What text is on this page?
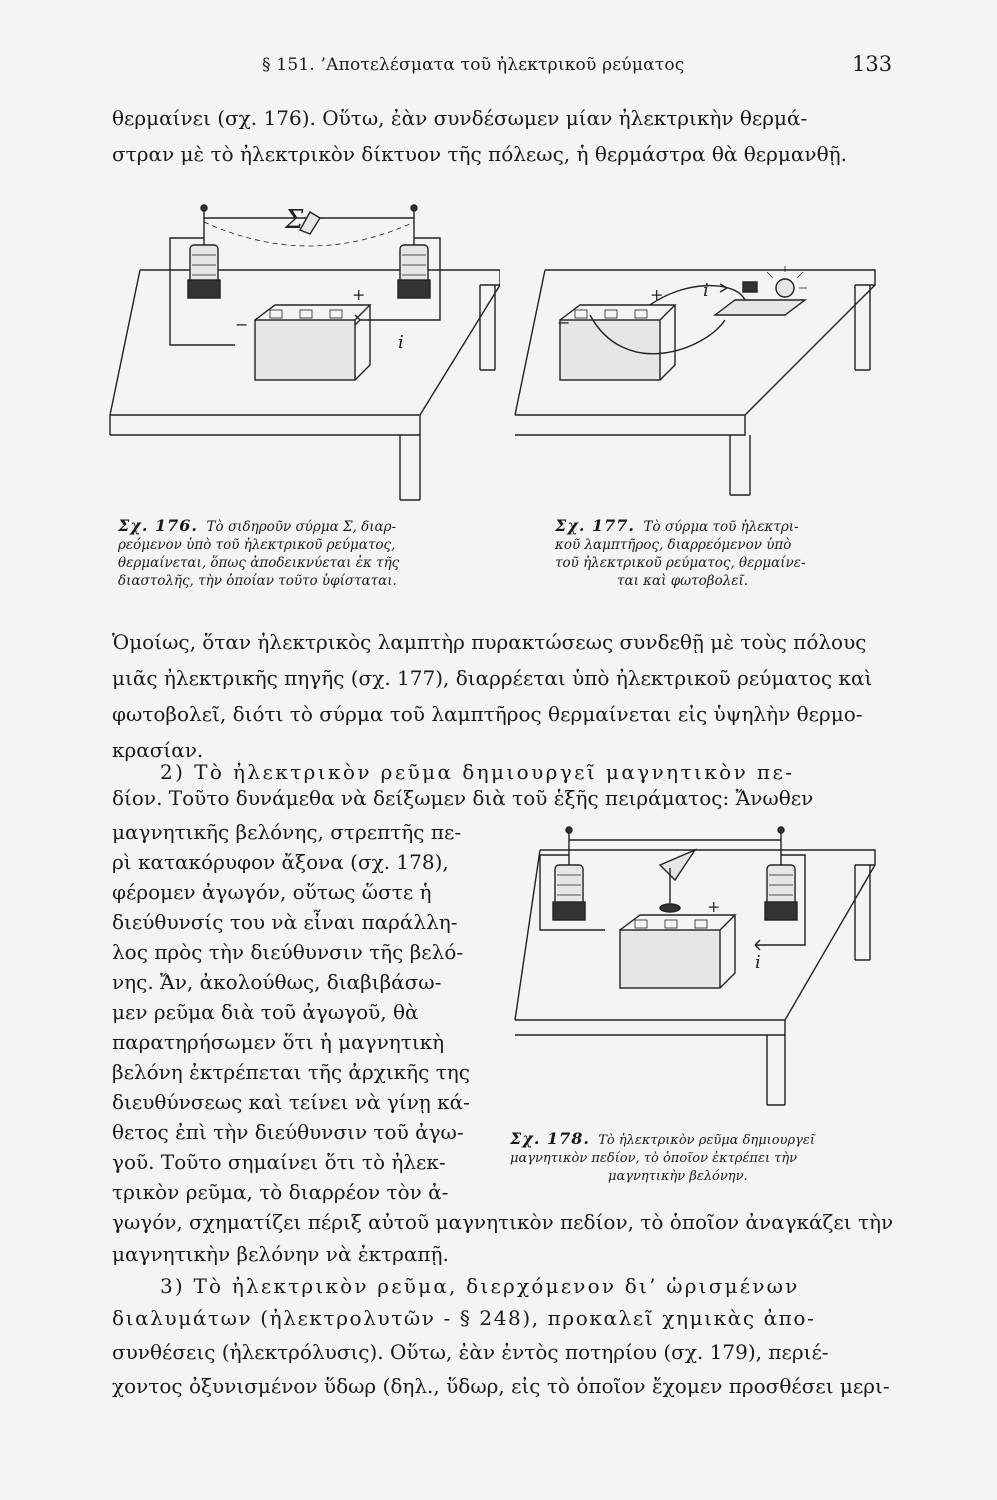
§ 151. ’Αποτελέσματα τοῦ ἠλεκτρικοῦ ρεύματος	133
θερμαίνει (σχ. 176). Οὕτω, ἐὰν συνδέσωμεν μίαν ἠλεκτρικὴν θερμά-
στραν μὲ τὸ ἠλεκτρικὸν δίκτυον τῆς πόλεως, ἡ θερμάστρα θὰ θερμανθῇ.
Σ
i
+
−
i
+
−
Σχ. 176. Τὸ σιδηροῦν σύρμα Σ, διαρ-
ρεόμενον ὑπὸ τοῦ ἠλεκτρικοῦ ρεύματος,
θερμαίνεται, ὅπως ἀποδεικνύεται ἐκ τῆς
διαστολῆς, τὴν ὁποίαν τοῦτο ὑφίσταται.
Σχ. 177. Τὸ σύρμα τοῦ ἠλεκτρι-
κοῦ λαμπτῆρος, διαρρεόμενον ὑπὸ
τοῦ ἠλεκτρικοῦ ρεύματος, θερμαίνε-
ται καὶ φωτοβολεῖ.
Ὁμοίως, ὅταν ἠλεκτρικὸς λαμπτὴρ πυρακτώσεως συνδεθῇ μὲ τοὺς πόλους
μιᾶς ἠλεκτρικῆς πηγῆς (σχ. 177), διαρρέεται ὑπὸ ἠλεκτρικοῦ ρεύματος καὶ
φωτοβολεῖ, διότι τὸ σύρμα τοῦ λαμπτῆρος θερμαίνεται εἰς ὑψηλὴν θερμο-
κρασίαν.
2) Τὸ ἠλεκτρικὸν ρεῦμα δημιουργεῖ μαγνητικὸν πε-
δίον. Τοῦτο δυνάμεθα νὰ δείξωμεν διὰ τοῦ ἑξῆς πειράματος: Ἄνωθεν
μαγνητικῆς βελόνης, στρεπτῆς πε-
ρὶ κατακόρυφον ἄξονα (σχ. 178),
φέρομεν ἀγωγόν, οὕτως ὥστε ἡ
διεύθυνσίς του νὰ εἶναι παράλλη-
λος πρὸς τὴν διεύθυνσιν τῆς βελό-
νης. Ἄν, ἀκολούθως, διαβιβάσω-
μεν ρεῦμα διὰ τοῦ ἀγωγοῦ, θὰ
παρατηρήσωμεν ὅτι ἡ μαγνητικὴ
βελόνη ἐκτρέπεται τῆς ἀρχικῆς της
διευθύνσεως καὶ τείνει νὰ γίνῃ κά-
θετος ἐπὶ τὴν διεύθυνσιν τοῦ ἀγω-
γοῦ. Τοῦτο σημαίνει ὅτι τὸ ἠλεκ-
τρικὸν ρεῦμα, τὸ διαρρέον τὸν ἀ-
i
+
Σχ. 178. Τὸ ἠλεκτρικὸν ρεῦμα δημιουργεῖ
μαγνητικὸν πεδίον, τὸ ὁποῖον ἐκτρέπει τὴν
μαγνητικὴν βελόνην.
γωγόν, σχηματίζει πέριξ αὐτοῦ μαγνητικὸν πεδίον, τὸ ὁποῖον ἀναγκάζει τὴν
μαγνητικὴν βελόνην νὰ ἐκτραπῇ.
3) Τὸ ἠλεκτρικὸν ρεῦμα, διερχόμενον δι’ ὡρισμένων
διαλυμάτων (ἠλεκτρολυτῶν - § 248), προκαλεῖ χημικὰς ἀπο-
συνθέσεις (ἠλεκτρόλυσις). Οὕτω, ἐὰν ἐντὸς ποτηρίου (σχ. 179), περιέ-
χοντος ὀξυνισμένον ὕδωρ (δηλ., ὕδωρ, εἰς τὸ ὁποῖον ἔχομεν προσθέσει μερι-
